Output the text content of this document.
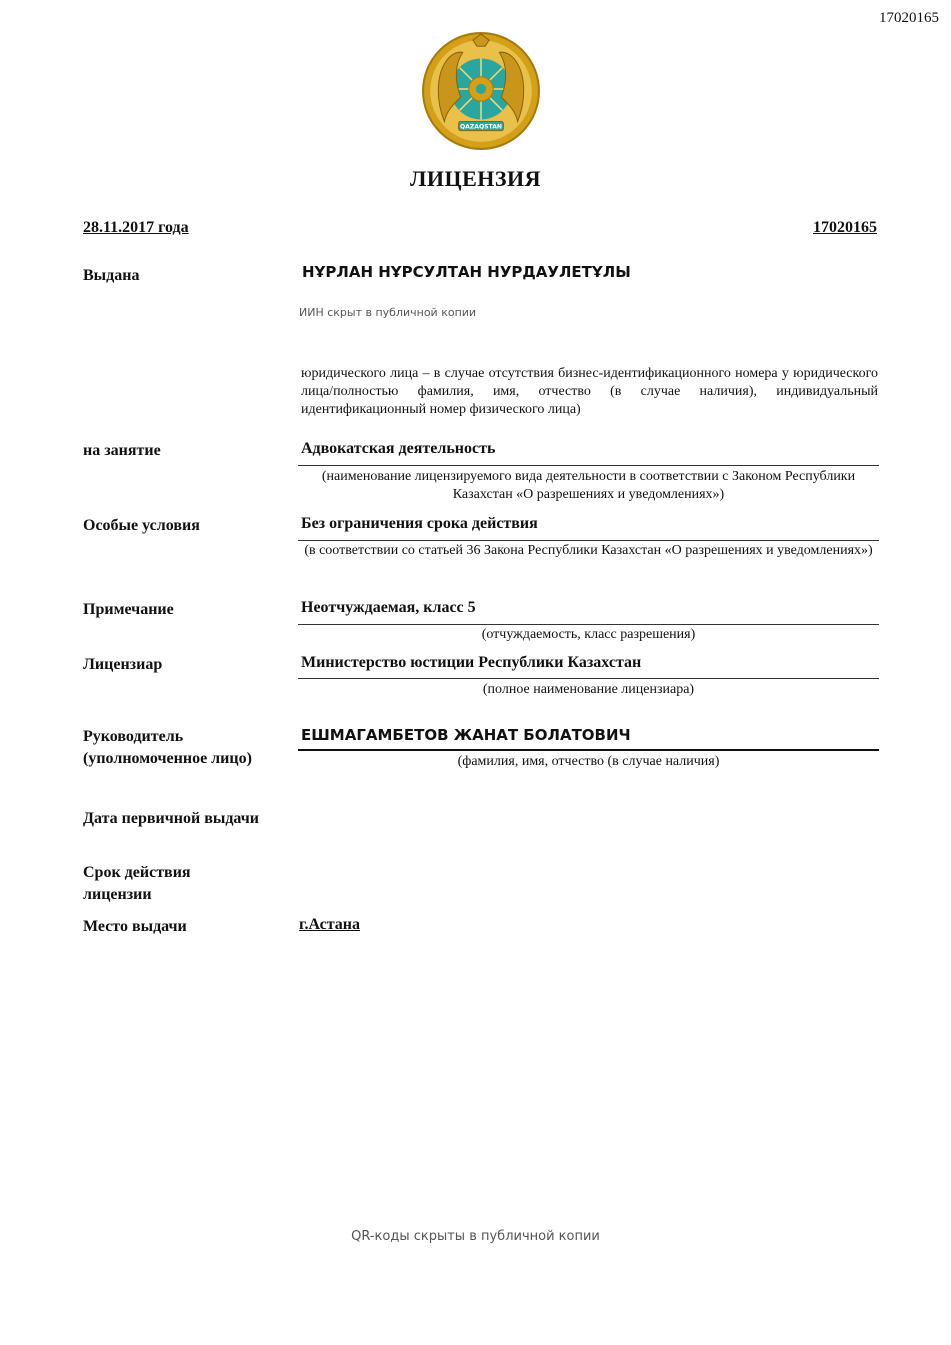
17020165
QAZAQSTAN
ЛИЦЕНЗИЯ
28.11.2017 года	17020165
Выдана	НҰРЛАН НҰРСУЛТАН НУРДАУЛЕТҰЛЫ
ИИН скрыт в публичной копии
юридического лица – в случае отсутствия бизнес-идентификационного номера у юридического лица/полностью фамилия, имя, отчество (в случае наличия), индивидуальный идентификационный номер физического лица)
на занятие	Адвокатская деятельность
(наименование лицензируемого вида деятельности в соответствии с Законом Республики Казахстан «О разрешениях и уведомлениях»)
Особые условия	Без ограничения срока действия
(в соответствии со статьей 36 Закона Республики Казахстан «О разрешениях и уведомлениях»)
Примечание	Неотчуждаемая, класс 5
(отчуждаемость, класс разрешения)
Лицензиар	Министерство юстиции Республики Казахстан
(полное наименование лицензиара)
Руководитель
(уполномоченное лицо)
ЕШМАГАМБЕТОВ ЖАНАТ БОЛАТОВИЧ
(фамилия, имя, отчество (в случае наличия)
Дата первичной выдачи
Срок действия
лицензии
Место выдачи	г.Астана
QR-коды скрыты в публичной копии
